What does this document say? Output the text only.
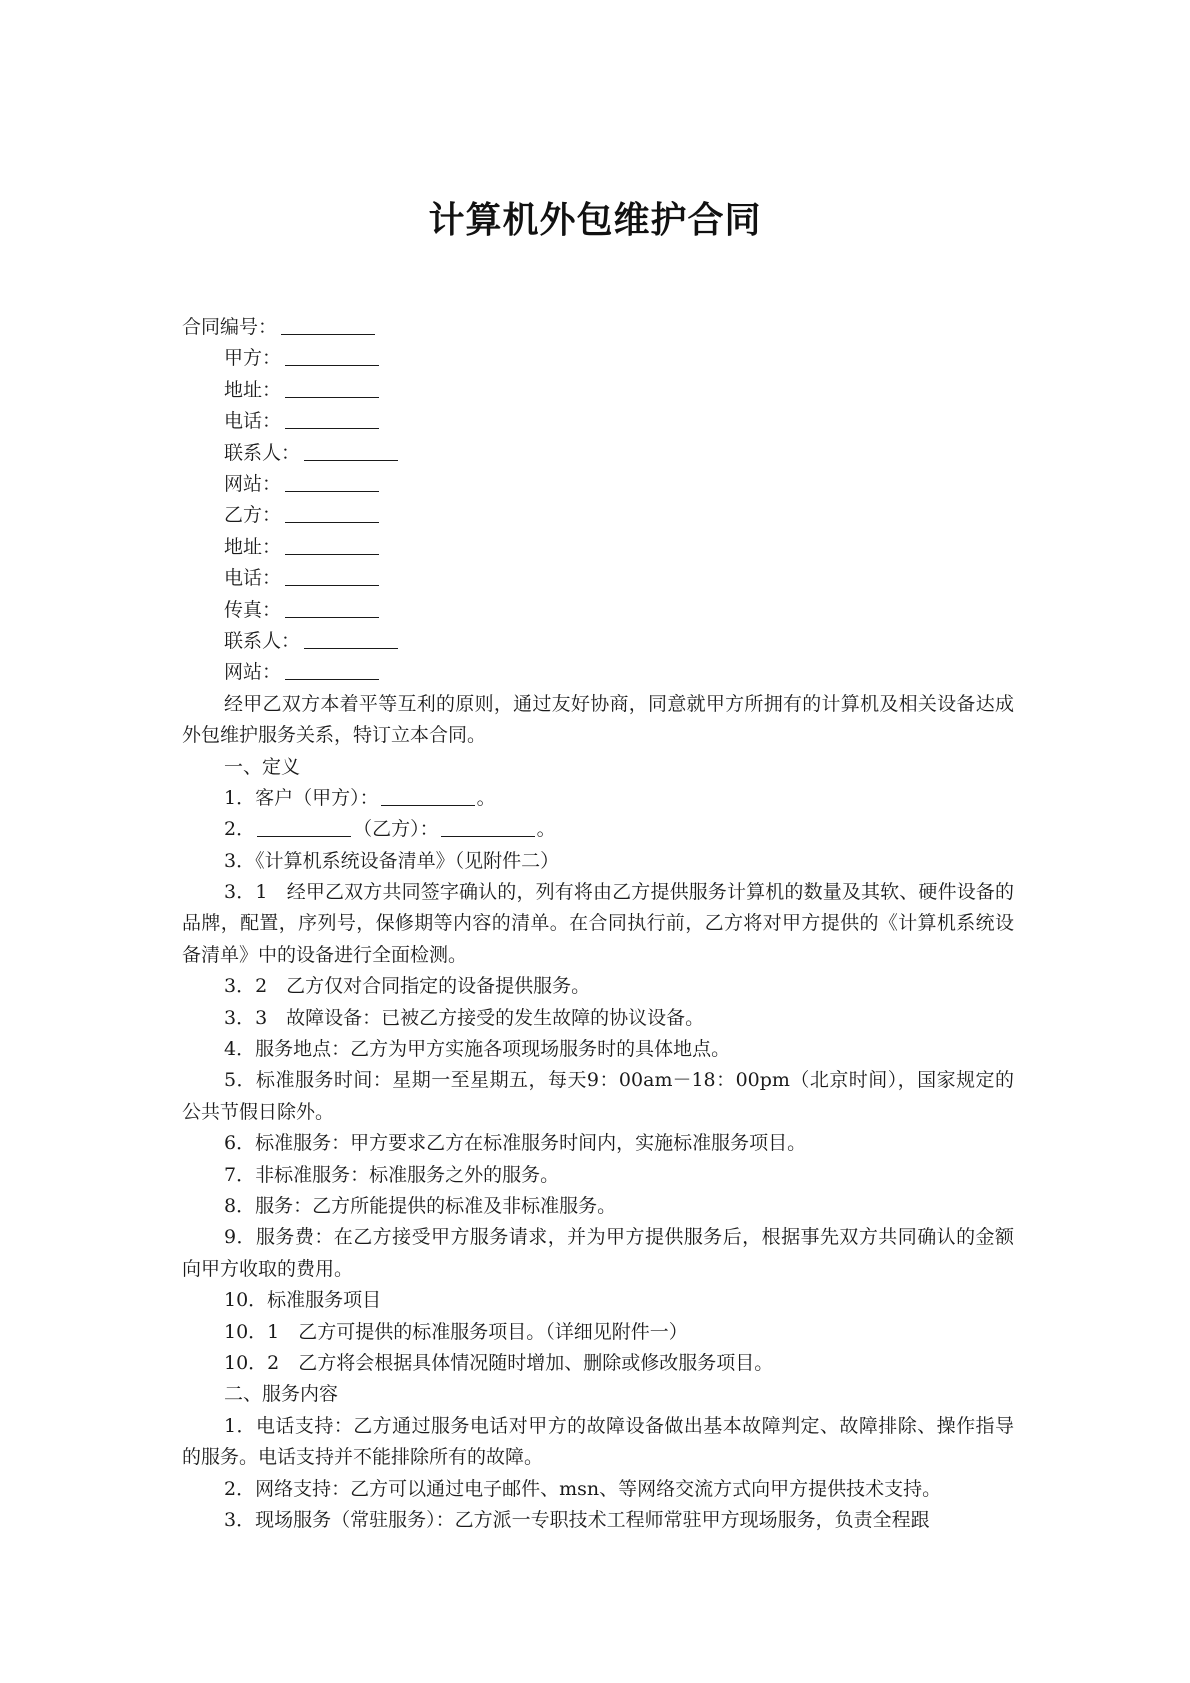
计算机外包维护合同
合同编号：
甲方：
地址：
电话：
联系人：
网站：
乙方：
地址：
电话：
传真：
联系人：
网站：

经甲乙双方本着平等互利的原则，通过友好协商，同意就甲方所拥有的计算机及相关设备达成外包维护服务关系，特订立本合同。

一、定义
1．客户（甲方）：	。
2．	（乙方）：	。
3．《计算机系统设备清单》（见附件二）

3．1　经甲乙双方共同签字确认的，列有将由乙方提供服务计算机的数量及其软、硬件设备的品牌，配置，序列号，保修期等内容的清单。在合同执行前，乙方将对甲方提供的《计算机系统设备清单》中的设备进行全面检测。

3．2　乙方仅对合同指定的设备提供服务。
3．3　故障设备：已被乙方接受的发生故障的协议设备。
4．服务地点：乙方为甲方实施各项现场服务时的具体地点。

5．标准服务时间：星期一至星期五，每天9：00am－18：00pm（北京时间），国家规定的公共节假日除外。

6．标准服务：甲方要求乙方在标准服务时间内，实施标准服务项目。
7．非标准服务：标准服务之外的服务。
8．服务：乙方所能提供的标准及非标准服务。

9．服务费：在乙方接受甲方服务请求，并为甲方提供服务后，根据事先双方共同确认的金额向甲方收取的费用。

10．标准服务项目
10．1　乙方可提供的标准服务项目。（详细见附件一）
10．2　乙方将会根据具体情况随时增加、删除或修改服务项目。
二、服务内容

1．电话支持：乙方通过服务电话对甲方的故障设备做出基本故障判定、故障排除、操作指导的服务。电话支持并不能排除所有的故障。

2．网络支持：乙方可以通过电子邮件、msn、等网络交流方式向甲方提供技术支持。
3．现场服务（常驻服务）：乙方派一专职技术工程师常驻甲方现场服务，负责全程跟
